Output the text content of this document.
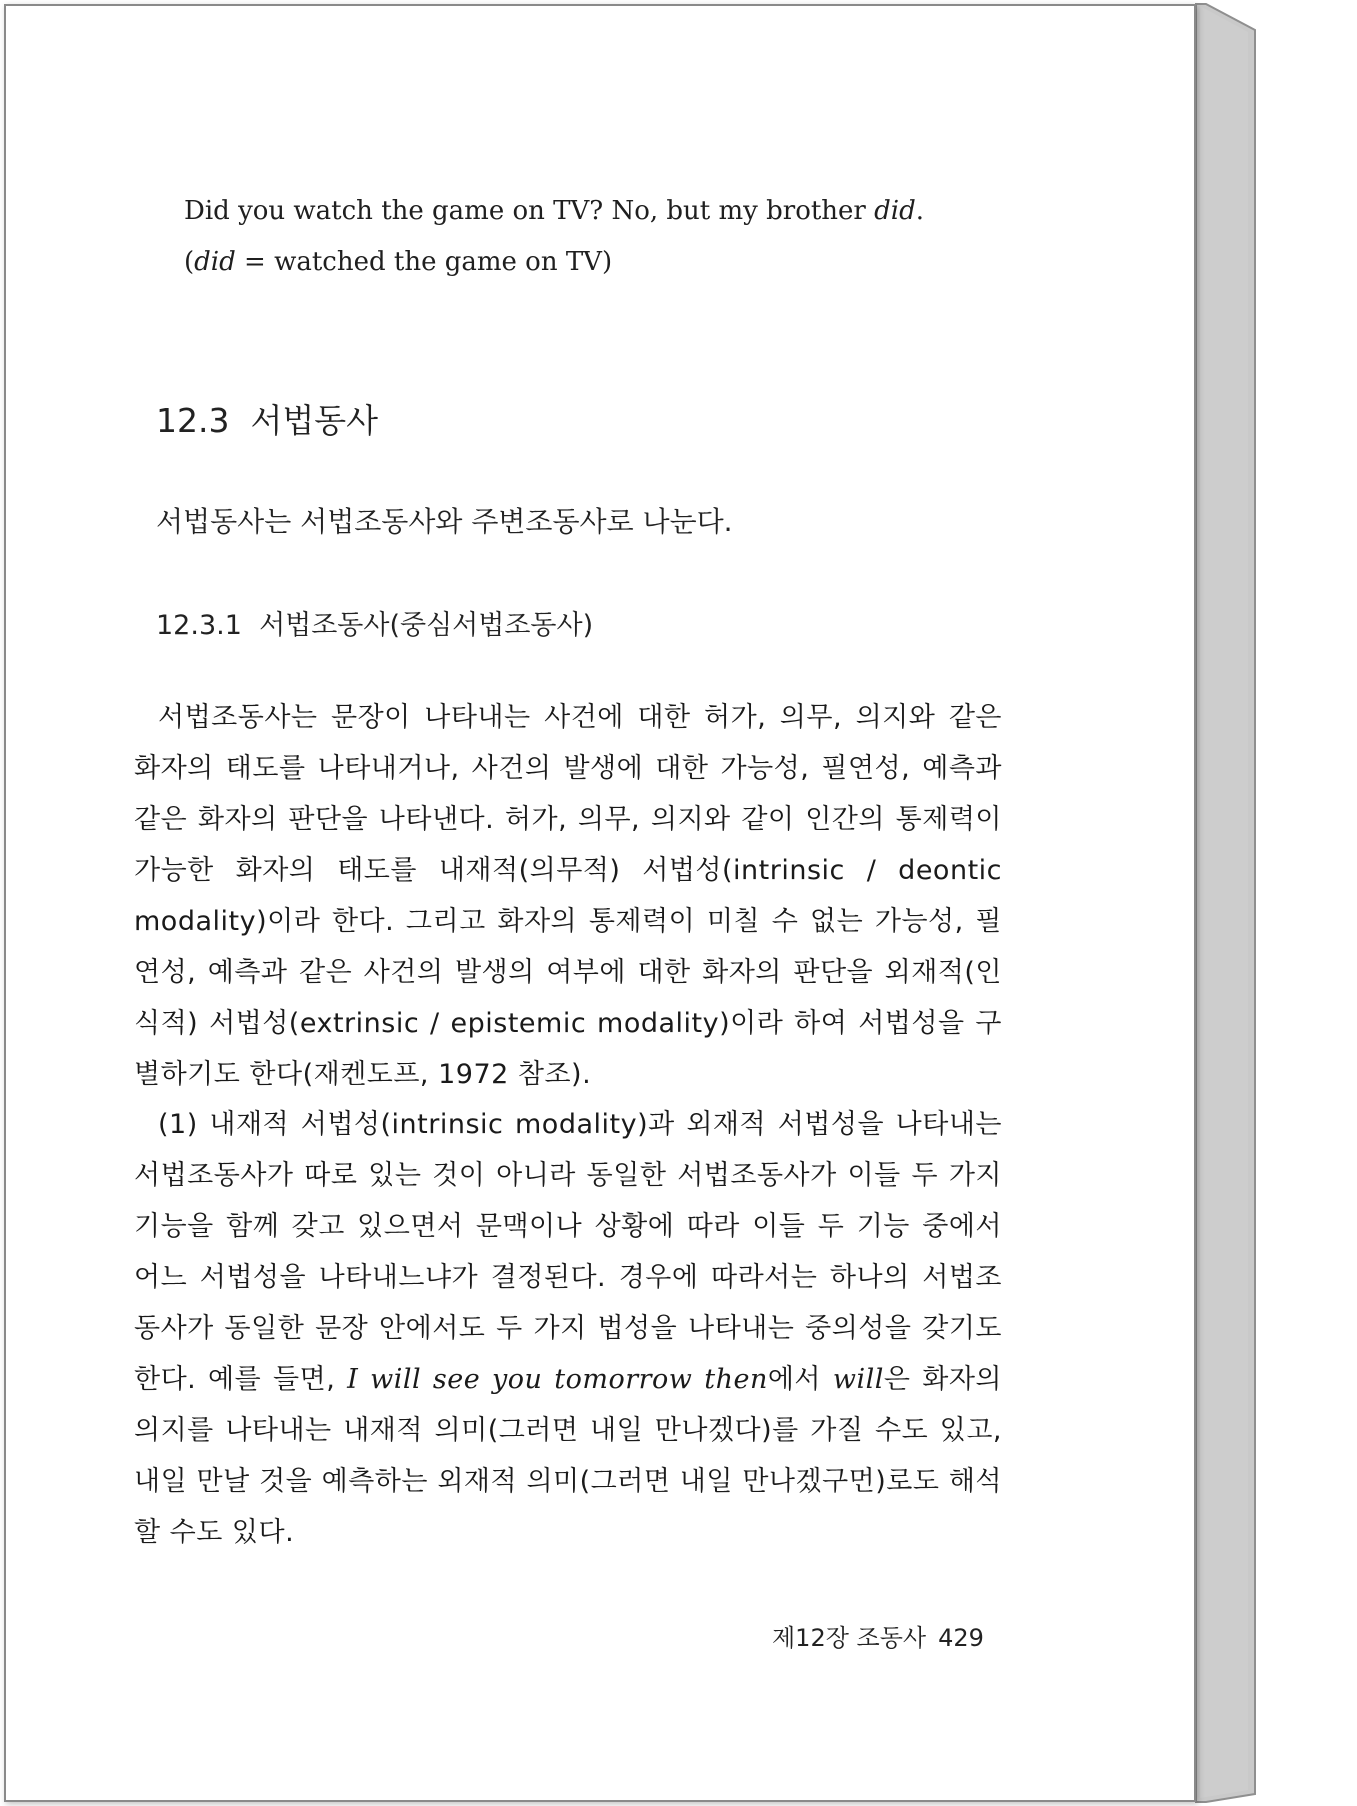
Did you watch the game on TV? No, but my brother did.
(did = watched the game on TV)
12.3 서법동사
서법동사는 서법조동사와 주변조동사로 나눈다.
12.3.1 서법조동사(중심서법조동사)
서법조동사는 문장이 나타내는 사건에 대한 허가, 의무, 의지와 같은 화자의 태도를 나타내거나, 사건의 발생에 대한 가능성, 필연성, 예측과 같은 화자의 판단을 나타낸다. 허가, 의무, 의지와 같이 인간의 통제력이 가능한 화자의 태도를 내재적(의무적) 서법성(intrinsic / deontic modality)이라 한다. 그리고 화자의 통제력이 미칠 수 없는 가능성, 필연성, 예측과 같은 사건의 발생의 여부에 대한 화자의 판단을 외재적(인식적) 서법성(extrinsic / epistemic modality)이라 하여 서법성을 구별하기도 한다(재켄도프, 1972 참조).
(1) 내재적 서법성(intrinsic modality)과 외재적 서법성을 나타내는 서법조동사가 따로 있는 것이 아니라 동일한 서법조동사가 이들 두 가지 기능을 함께 갖고 있으면서 문맥이나 상황에 따라 이들 두 기능 중에서 어느 서법성을 나타내느냐가 결정된다. 경우에 따라서는 하나의 서법조동사가 동일한 문장 안에서도 두 가지 법성을 나타내는 중의성을 갖기도 한다. 예를 들면, I will see you tomorrow then에서 will은 화자의 의지를 나타내는 내재적 의미(그러면 내일 만나겠다)를 가질 수도 있고, 내일 만날 것을 예측하는 외재적 의미(그러면 내일 만나겠구먼)로도 해석할 수도 있다.
제12장 조동사 429
